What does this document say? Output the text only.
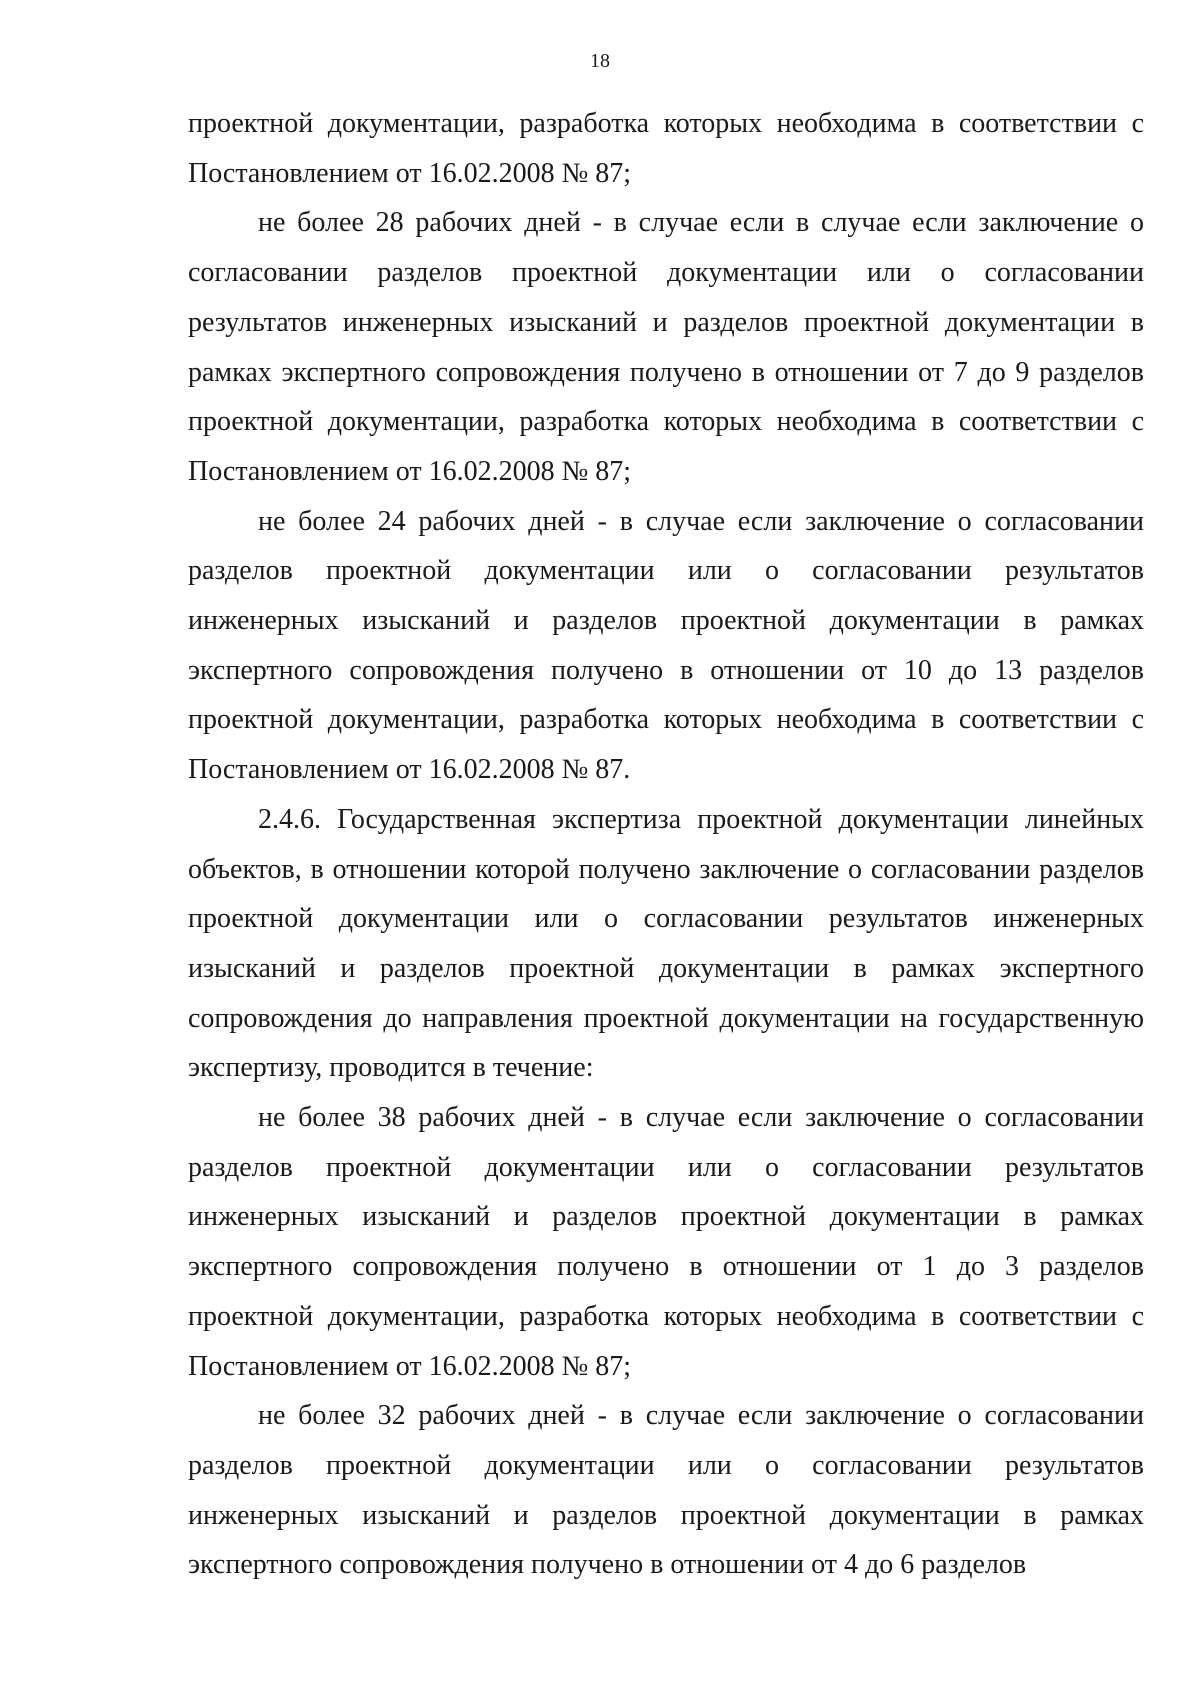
18

проектной документации, разработка которых необходима в соответствии с Постановлением от 16.02.2008 № 87;

не более 28 рабочих дней - в случае если в случае если заключение о согласовании разделов проектной документации или о согласовании результатов инженерных изысканий и разделов проектной документации в рамках экспертного сопровождения получено в отношении от 7 до 9 разделов проектной документации, разработка которых необходима в соответствии с Постановлением от 16.02.2008 № 87;

не более 24 рабочих дней - в случае если заключение о согласовании разделов проектной документации или о согласовании результатов инженерных изысканий и разделов проектной документации в рамках экспертного сопровождения получено в отношении от 10 до 13 разделов проектной документации, разработка которых необходима в соответствии с Постановлением от 16.02.2008 № 87.

2.4.6. Государственная экспертиза проектной документации линейных объектов, в отношении которой получено заключение о согласовании разделов проектной документации или о согласовании результатов инженерных изысканий и разделов проектной документации в рамках экспертного сопровождения до направления проектной документации на государственную экспертизу, проводится в течение:

не более 38 рабочих дней - в случае если заключение о согласовании разделов проектной документации или о согласовании результатов инженерных изысканий и разделов проектной документации в рамках экспертного сопровождения получено в отношении от 1 до 3 разделов проектной документации, разработка которых необходима в соответствии с Постановлением от 16.02.2008 № 87;

не более 32 рабочих дней - в случае если заключение о согласовании разделов проектной документации или о согласовании результатов инженерных изысканий и разделов проектной документации в рамках экспертного сопровождения получено в отношении от 4 до 6 разделов
